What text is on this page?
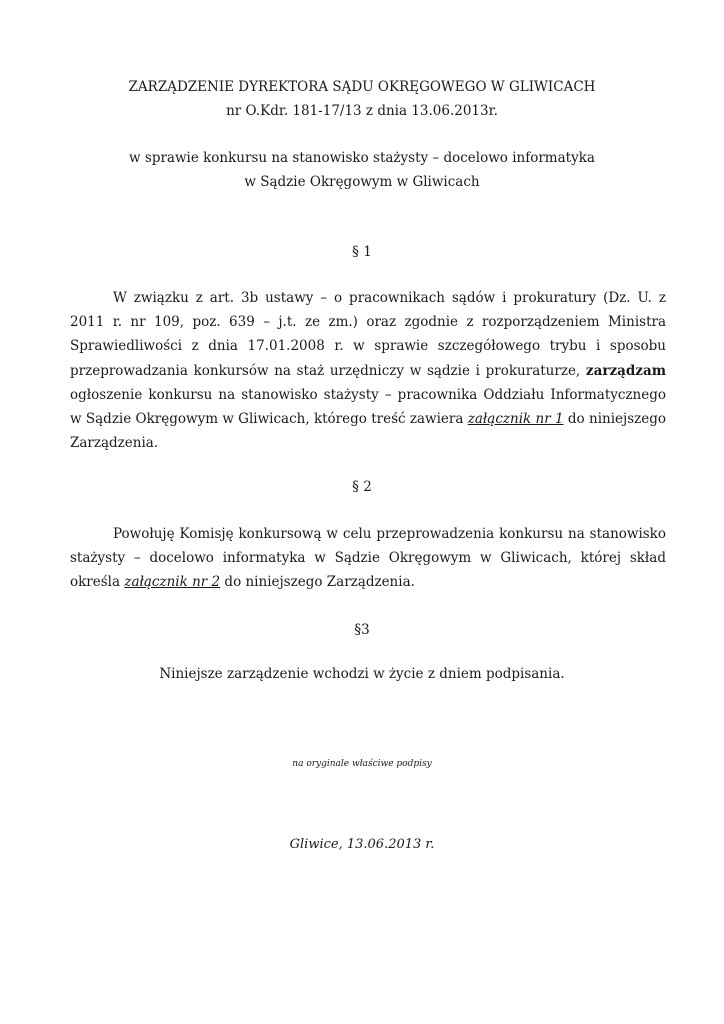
ZARZĄDZENIE DYREKTORA SĄDU OKRĘGOWEGO W GLIWICACH
nr O.Kdr. 181-17/13 z dnia 13.06.2013r.
w sprawie konkursu na stanowisko stażysty – docelowo informatyka
w Sądzie Okręgowym w Gliwicach
§ 1
W związku z art. 3b ustawy – o pracownikach sądów i prokuratury (Dz. U. z 2011 r. nr 109, poz. 639 – j.t. ze zm.) oraz zgodnie z rozporządzeniem Ministra Sprawiedliwości z dnia 17.01.2008 r. w sprawie szczegółowego trybu i sposobu przeprowadzania konkursów na staż urzędniczy w sądzie i prokuraturze, zarządzam ogłoszenie konkursu na stanowisko stażysty – pracownika Oddziału Informatycznego w Sądzie Okręgowym w Gliwicach, którego treść zawiera załącznik nr 1 do niniejszego Zarządzenia.
§ 2
Powołuję Komisję konkursową w celu przeprowadzenia konkursu na stanowisko stażysty – docelowo informatyka w Sądzie Okręgowym w Gliwicach, której skład określa załącznik nr 2 do niniejszego Zarządzenia.
§3
Niniejsze zarządzenie wchodzi w życie z dniem podpisania.
na oryginale właściwe podpisy
Gliwice, 13.06.2013 r.
